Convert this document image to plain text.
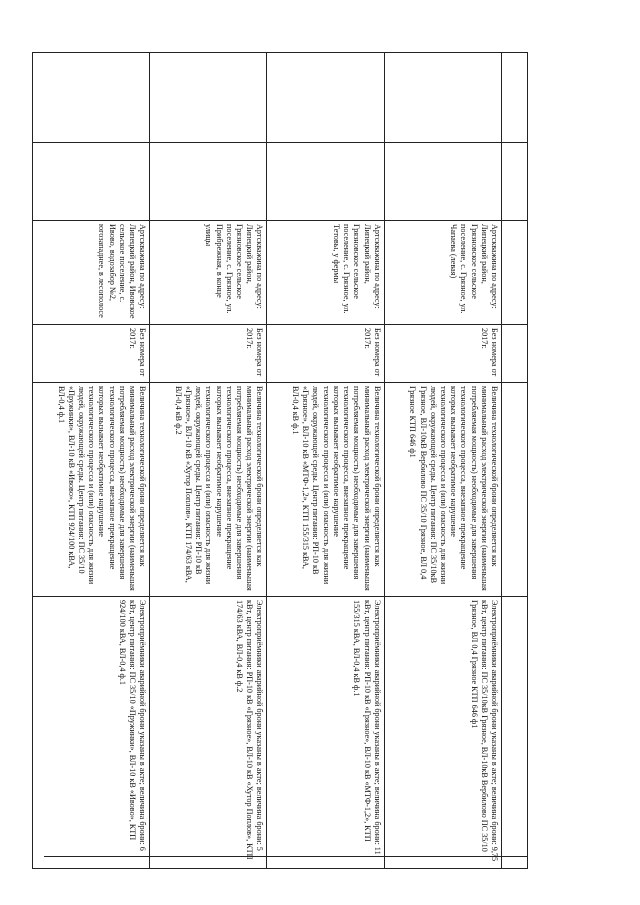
		Артскважина по адресу: Липецкий район, Грязновское сельское поселение, с. Грязное, ул. Чапаева (левая)	Без номера от 2017г.	Величина технологической брони определяется как минимальный расход электрической энергии (наименьшая потребляемая мощность) необходимые для завершения технологического процесса, внезапное прекращение которых вызывает необратимое нарушение технологического процесса и (или) опасность для жизни людей, окружающей среды. Центр питания: ПС 35/10кВ Грязное, ВЛ-10кВ Вербилово ПС 35/10 Грязное, ВЛ 0,4 Грязное КТП 646 ф1	Электроприёмники аварийной брони указаны в акте; величина брони: 9,75 кВт, центр питания: ПС 35/10кВ Грязное, ВЛ-10кВ Вербилово ПС 35/10 Грязное, ВЛ 0,4 Грязное КТП 646 ф1
		Артскважина по адресу: Липецкий район, Грязновское сельское поселение, с. Грязное, ул. Тетовы, у фермы	Без номера от 2017г.	Величина технологической брони определяется как минимальный расход электрической энергии (наименьшая потребляемая мощность) необходимые для завершения технологического процесса, внезапное прекращение которых вызывает необратимое нарушение технологического процесса и (или) опасность для жизни людей, окружающей среды. Центр питания: РП-10 кВ «Грязное», ВЛ-10 кВ «МТФ-1,2», КТП 155/315 кВА, ВЛ-0,4 кВ ф.1	Электроприёмники аварийной брони указаны в акте; величина брони: 11 кВт, центр питания: РП-10 кВ «Грязное», ВЛ-10 кВ «МТФ-1,2», КТП 155/315 кВА, ВЛ-0,4 кВ ф.1
		Артскважина по адресу: Липецкий район, Грязновское сельское поселение, с. Грязное, ул. Прибрежная, в конце улицы	Без номера от 2017г.	Величина технологической брони определяется как минимальный расход электрической энергии (наименьшая потребляемая мощность) необходимые для завершения технологического процесса, внезапное прекращение которых вызывает необратимое нарушение технологического процесса и (или) опасность для жизни людей, окружающей среды. Центр питания: РП-10 кВ «Грязное», ВЛ-10 кВ «Хутор Поплов», КТП 174/63 кВА, ВЛ-0,4 кВ ф.2	Электроприёмники аварийной брони указаны в акте; величина брони: 5 кВт, центр питания: РП-10 кВ «Грязное», ВЛ-10 кВ «Хутор Поплов», КТП 174/63 кВА, ВЛ-0,4 кВ ф.2
		Артскважина по адресу: Липецкий район, Ивовское сельское поселение, с. Ивово, водозабор №2, югозападнее, в лесополосе	Без номера от 2017г.	Величина технологической брони определяется как минимальный расход электрической энергии (наименьшая потребляемая мощность) необходимые для завершения технологического процесса, внезапное прекращение которых вызывает необратимое нарушение технологического процесса и (или) опасность для жизни людей, окружающей среды. Центр питания: ПС 35/10 «Пружинки», ВЛ-10 кВ «Ивово», КТП 924/100 кВА, ВЛ-0,4 ф.1	Электроприёмники аварийной брони указаны в акте; величина брони: 6 кВт, центр питания: ПС 35/10 «Пружинки», ВЛ-10 кВ «Ивово», КТП 924/100 кВА, ВЛ-0,4 ф.1
